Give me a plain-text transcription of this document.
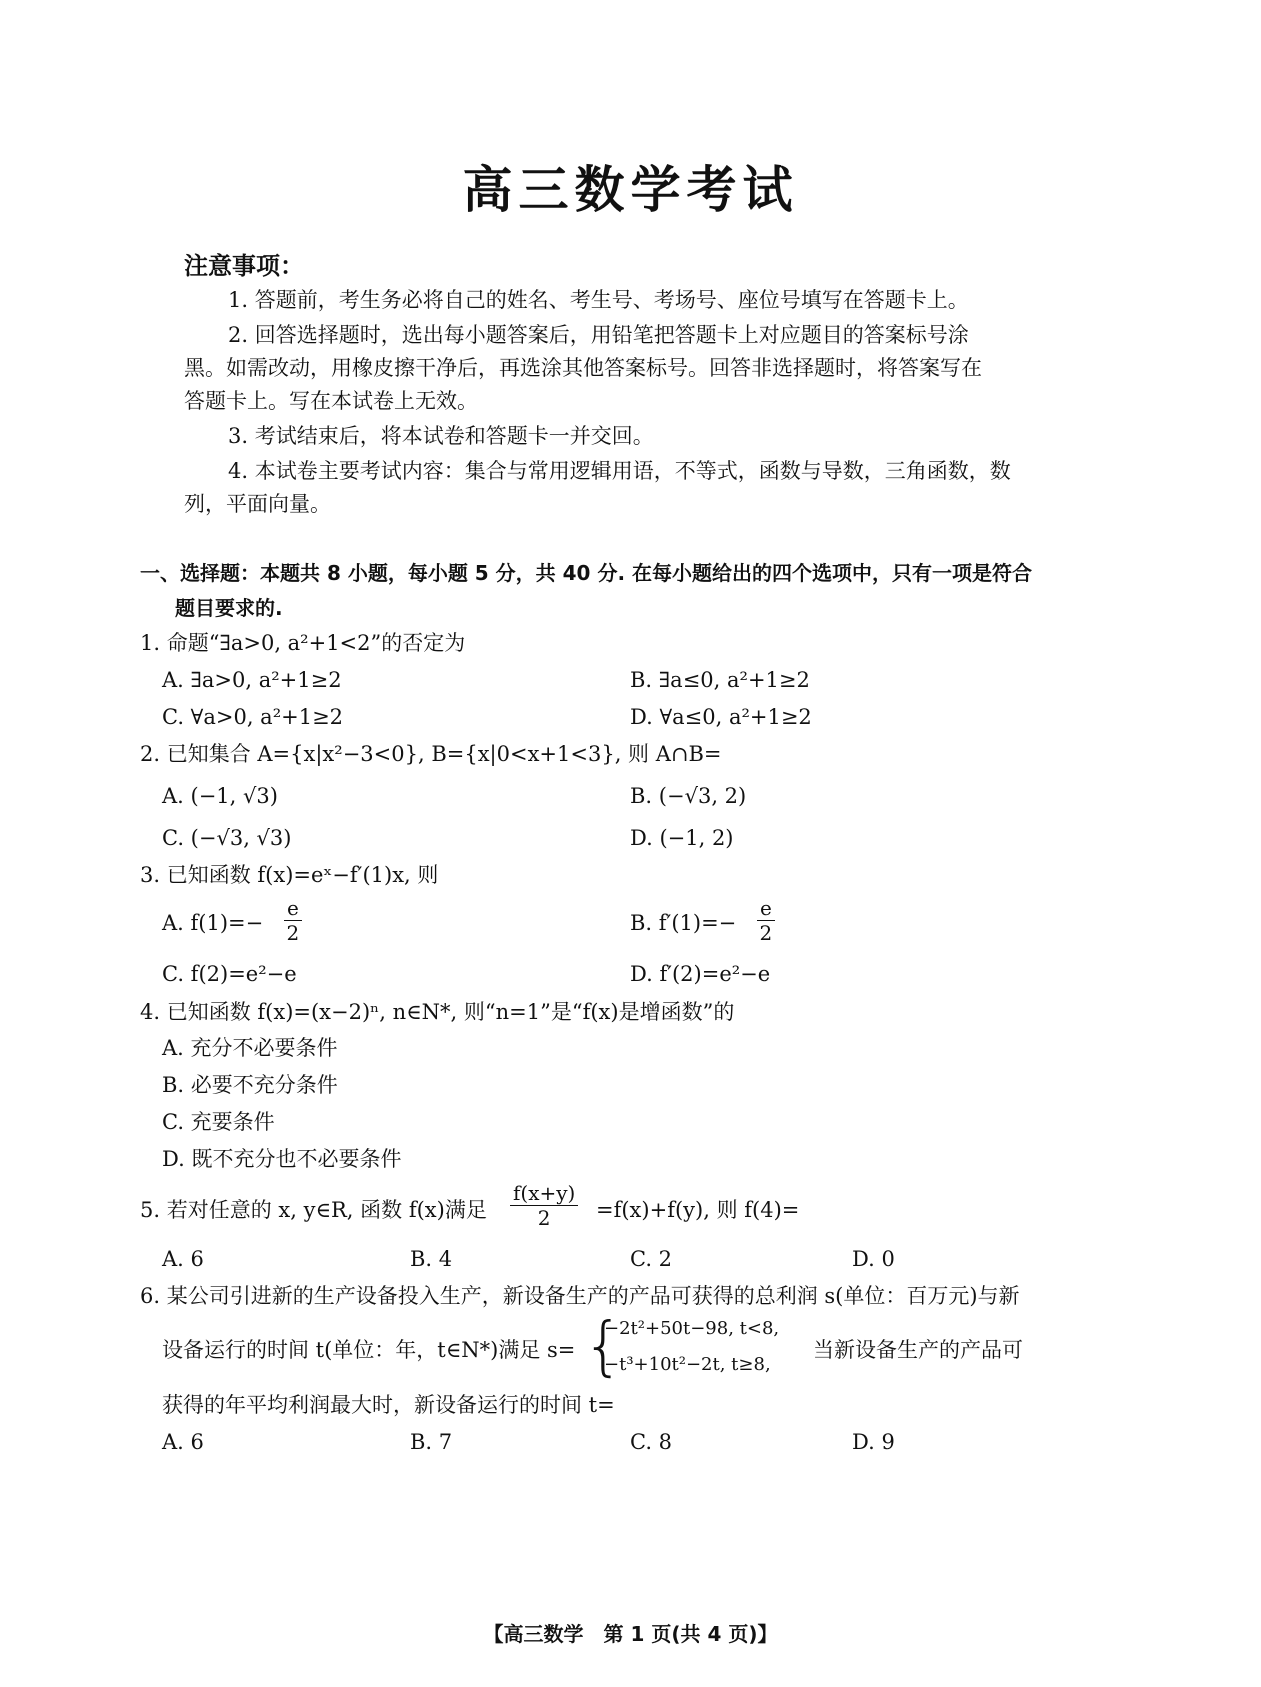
高三数学考试
注意事项：
1. 答题前，考生务必将自己的姓名、考生号、考场号、座位号填写在答题卡上。
2. 回答选择题时，选出每小题答案后，用铅笔把答题卡上对应题目的答案标号涂
黑。如需改动，用橡皮擦干净后，再选涂其他答案标号。回答非选择题时，将答案写在
答题卡上。写在本试卷上无效。
3. 考试结束后，将本试卷和答题卡一并交回。
4. 本试卷主要考试内容：集合与常用逻辑用语，不等式，函数与导数，三角函数，数
列，平面向量。
一、选择题：本题共 8 小题，每小题 5 分，共 40 分. 在每小题给出的四个选项中，只有一项是符合
题目要求的.
1. 命题“∃a>0, a²+1<2”的否定为
A. ∃a>0, a²+1≥2	B. ∃a≤0, a²+1≥2
C. ∀a>0, a²+1≥2	D. ∀a≤0, a²+1≥2
2. 已知集合 A={x|x²−3<0}, B={x|0<x+1<3}, 则 A∩B=
A. (−1, √3)	B. (−√3, 2)
C. (−√3, √3)	D. (−1, 2)
3. 已知函数 f(x)=eˣ−f′(1)x, 则
A. $f(1)=- \frac{e}{2}$	B. $f'(1)=- \frac{e}{2}$
C. f(2)=e²−e	D. f′(2)=e²−e
4. 已知函数 f(x)=(x−2)ⁿ, n∈N*, 则“n=1”是“f(x)是增函数”的
A. 充分不必要条件
B. 必要不充分条件
C. 充要条件
D. 既不充分也不必要条件
5. 若对任意的 x, y∈R, 函数 f(x)满足 $\frac{f(x+y)}{2} =f(x)+f(y)$, 则 f(4)=
A. 6	B. 4	C. 2	D. 0
6. 某公司引进新的生产设备投入生产，新设备生产的产品可获得的总利润 s(单位：百万元)与新
设备运行的时间 t(单位：年，t∈N*)满足 s= {
−2t²+50t−98, t<8,
−t³+10t²−2t, t≥8,
当新设备生产的产品可
获得的年平均利润最大时，新设备运行的时间 t=
A. 6	B. 7	C. 8	D. 9
【高三数学　第 1 页(共 4 页)】
